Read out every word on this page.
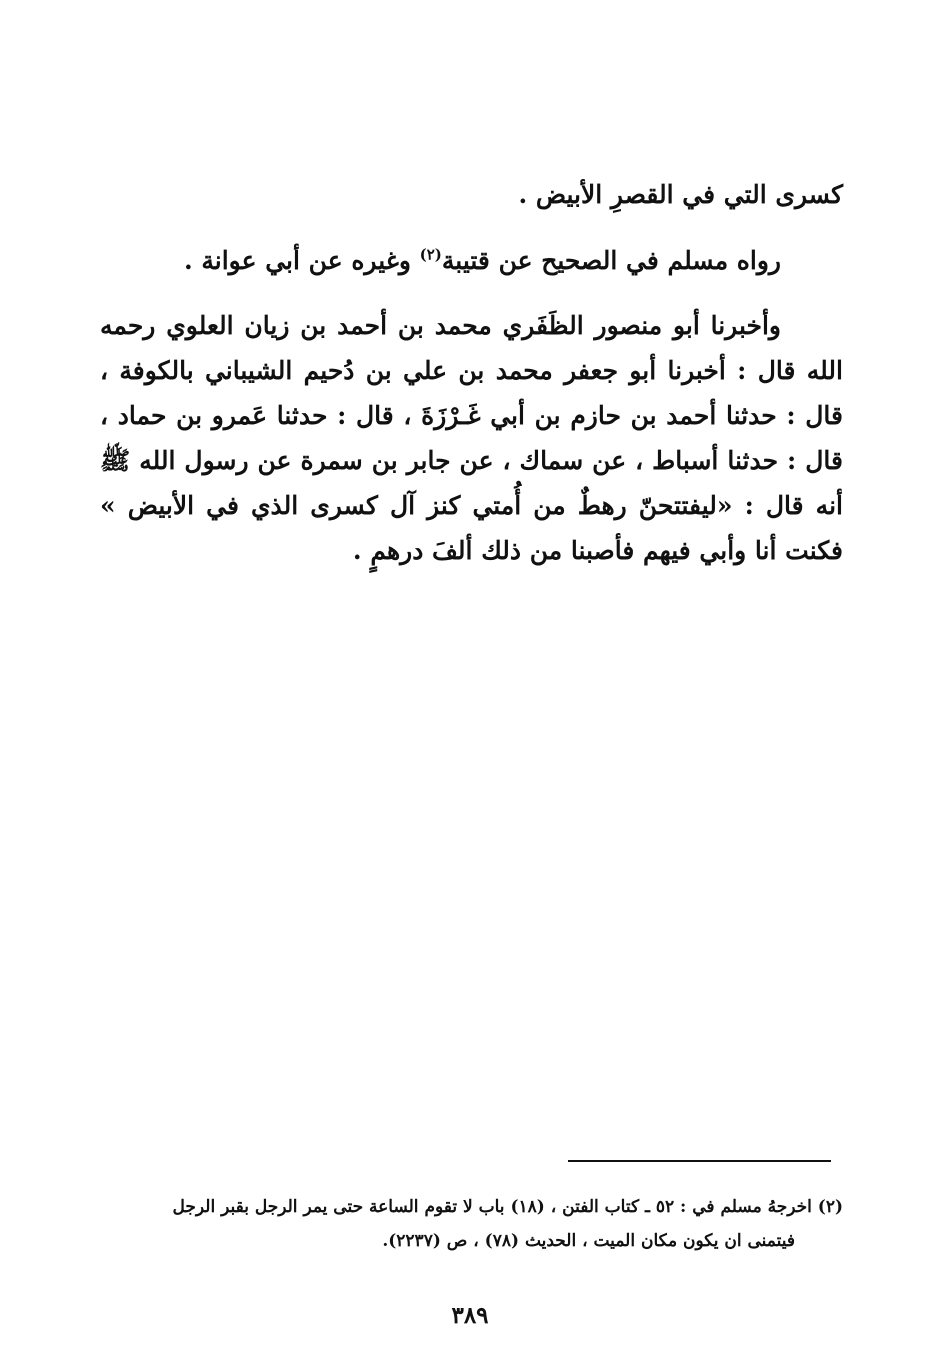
كسرى التي في القصرِ الأبيض .
رواه مسلم في الصحيح عن قتيبة$^{(٢)}$ وغيره عن أبي عوانة .
وأخبرنا أبو منصور الظَفَري محمد بن أحمد بن زيان العلوي رحمه الله قال : أخبرنا أبو جعفر محمد بن علي بن دُحيم الشيباني بالكوفة ، قال : حدثنا أحمد بن حازم بن أبي غَـرْزَةَ ، قال : حدثنا عَمرو بن حماد ، قال : حدثنا أسباط ، عن سماك ، عن جابر بن سمرة عن رسول الله ﷺ أنه قال : «ليفتتحنّ رهطٌ من أُمتي كنز آل كسرى الذي في الأبيض » فكنت أنا وأبي فيهم فأصبنا من ذلك ألفَ درهمٍ .
(٢) اخرجهُ مسلم في : ٥٢ ـ كتاب الفتن ، (١٨) باب لا تقوم الساعة حتى يمر الرجل بقبر الرجل
فيتمنى ان يكون مكان الميت ، الحديث (٧٨) ، ص (٢٢٣٧).
٣٨٩
